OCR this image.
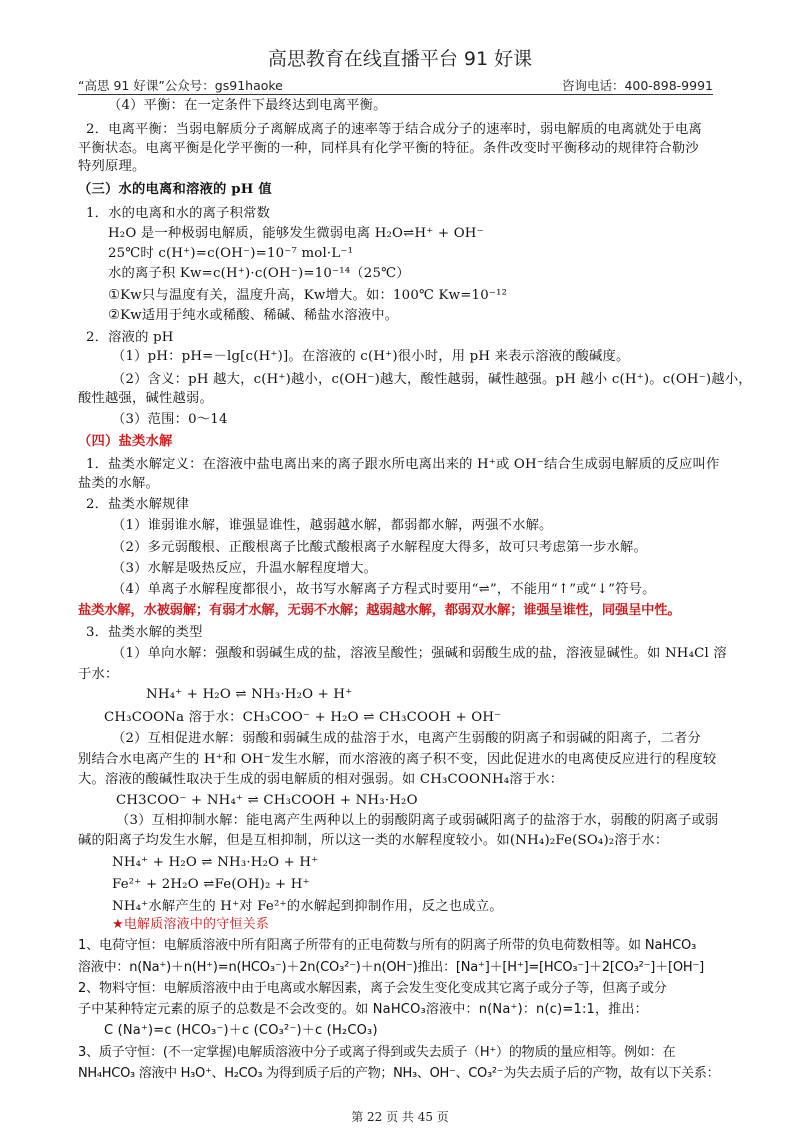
高思教育在线直播平台 91 好课
“高思 91 好课”公众号：gs91haoke	咨询电话：400-898-9991
（4）平衡：在一定条件下最终达到电离平衡。
2．电离平衡：当弱电解质分子离解成离子的速率等于结合成分子的速率时，弱电解质的电离就处于电离
平衡状态。电离平衡是化学平衡的一种，同样具有化学平衡的特征。条件改变时平衡移动的规律符合勒沙
特列原理。
（三）水的电离和溶液的 pH 值
1．水的电离和水的离子积常数
H₂O 是一种极弱电解质，能够发生微弱电离 H₂O⇌H⁺ + OH⁻
25℃时 c(H⁺)=c(OH⁻)=10⁻⁷ mol·L⁻¹
水的离子积 Kw=c(H⁺)·c(OH⁻)=10⁻¹⁴（25℃）
①Kw只与温度有关，温度升高，Kw增大。如：100℃ Kw=10⁻¹²
②Kw适用于纯水或稀酸、稀碱、稀盐水溶液中。
2．溶液的 pH
（1）pH：pH=－lg[c(H⁺)]。在溶液的 c(H⁺)很小时，用 pH 来表示溶液的酸碱度。
（2）含义：pH 越大，c(H⁺)越小，c(OH⁻)越大，酸性越弱，碱性越强。pH 越小 c(H⁺)。c(OH⁻)越小，
酸性越强，碱性越弱。
（3）范围：0～14
（四）盐类水解
1．盐类水解定义：在溶液中盐电离出来的离子跟水所电离出来的 H⁺或 OH⁻结合生成弱电解质的反应叫作
盐类的水解。
2．盐类水解规律
（1）谁弱谁水解，谁强显谁性，越弱越水解，都弱都水解，两强不水解。
（2）多元弱酸根、正酸根离子比酸式酸根离子水解程度大得多，故可只考虑第一步水解。
（3）水解是吸热反应，升温水解程度增大。
（4）单离子水解程度都很小，故书写水解离子方程式时要用“⇌”，不能用“↑”或“↓”符号。
盐类水解，水被弱解；有弱才水解，无弱不水解；越弱越水解，都弱双水解；谁强呈谁性，同强呈中性。
3．盐类水解的类型
（1）单向水解：强酸和弱碱生成的盐，溶液呈酸性；强碱和弱酸生成的盐，溶液显碱性。如 NH₄Cl 溶
于水：
NH₄⁺ + H₂O ⇌ NH₃·H₂O + H⁺
CH₃COONa 溶于水：CH₃COO⁻ + H₂O ⇌ CH₃COOH + OH⁻
（2）互相促进水解：弱酸和弱碱生成的盐溶于水，电离产生弱酸的阴离子和弱碱的阳离子，二者分
别结合水电离产生的 H⁺和 OH⁻发生水解，而水溶液的离子积不变，因此促进水的电离使反应进行的程度较
大。溶液的酸碱性取决于生成的弱电解质的相对强弱。如 CH₃COONH₄溶于水：
CH3COO⁻ + NH₄⁺ ⇌ CH₃COOH + NH₃·H₂O
（3）互相抑制水解：能电离产生两种以上的弱酸阴离子或弱碱阳离子的盐溶于水，弱酸的阴离子或弱
碱的阳离子均发生水解，但是互相抑制，所以这一类的水解程度较小。如(NH₄)₂Fe(SO₄)₂溶于水：
NH₄⁺ + H₂O ⇌ NH₃·H₂O + H⁺
Fe²⁺ + 2H₂O ⇌Fe(OH)₂ + H⁺
NH₄⁺水解产生的 H⁺对 Fe²⁺的水解起到抑制作用，反之也成立。
★电解质溶液中的守恒关系
1、电荷守恒：电解质溶液中所有阳离子所带有的正电荷数与所有的阴离子所带的负电荷数相等。如 NaHCO₃
溶液中：n(Na⁺)＋n(H⁺)=n(HCO₃⁻)＋2n(CO₃²⁻)＋n(OH⁻)推出：[Na⁺]＋[H⁺]=[HCO₃⁻]＋2[CO₃²⁻]＋[OH⁻]
2、物料守恒：电解质溶液中由于电离或水解因素，离子会发生变化变成其它离子或分子等，但离子或分
子中某种特定元素的原子的总数是不会改变的。如 NaHCO₃溶液中：n(Na⁺)：n(c)=1:1，推出：
C (Na⁺)=c (HCO₃⁻)＋c (CO₃²⁻)＋c (H₂CO₃)
3、质子守恒：(不一定掌握)电解质溶液中分子或离子得到或失去质子（H⁺）的物质的量应相等。例如：在
NH₄HCO₃ 溶液中 H₃O⁺、H₂CO₃ 为得到质子后的产物；NH₃、OH⁻、CO₃²⁻为失去质子后的产物，故有以下关系：
第 22 页 共 45 页
